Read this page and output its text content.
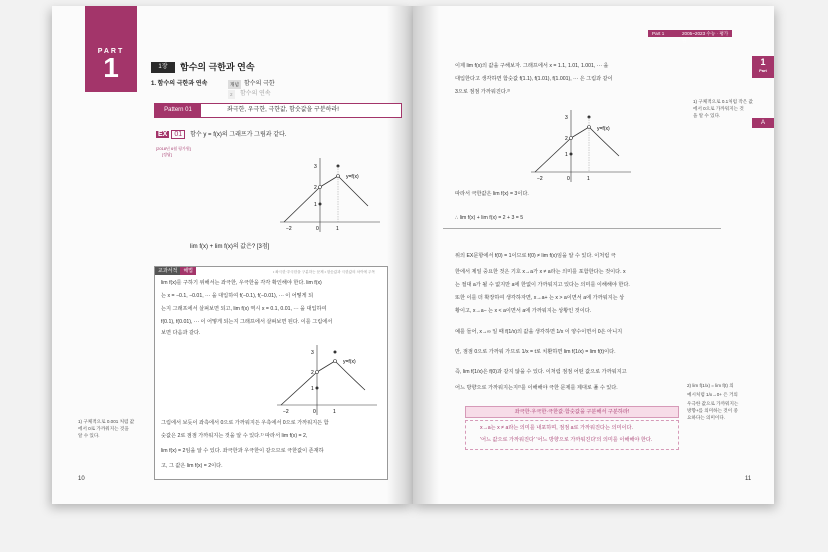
PART
1	1장	함수의 극한과 연속
1. 함수의 극한과 연속	개념 함수의 극한
2	함수의 연속
Pattern 01	좌극한, 우극한, 극한값, 함숫값을 구분하라!
EX 01 함수 y = f(x)의 그래프가 그림과 같다.
[2018년 6월 평가원]
[정답]
y=f(x)
−2	0	1
3
2
1
lim f(x) + lim f(x)의 값은? [3점]
교과서적 해법	• 좌극한·우극한을 구분하는 문제 • 함숫값과 극한값의 차이에 주목
lim f(x)를 구하기 위해서는 좌극한, 우극한을 각각 확인해야 한다. lim f(x)
는 x = −0.1, −0.01, ⋯ 을 대입하여 f(−0.1), f(−0.01), ⋯ 이 어떻게 되
는지 그래프에서 살펴보면 되고, lim f(x) 역시 x = 0.1, 0.01, ⋯ 을 대입하여
f(0.1), f(0.01), ⋯ 이 어떻게 되는지 그래프에서 살펴보면 된다. 이를 그림에서
보면 다음과 같다.
y=f(x)
−2	0	1
3
2
1
그림에서 보듯이 좌측에서 0으로 가까워지든 우측에서 0으로 가까워지든 함
숫값은 2로 점점 가까워지는 것을 알 수 있다.¹⁾ 따라서 lim f(x) = 2,
lim f(x) = 2임을 알 수 있다. 좌극한과 우극한이 같으므로 극한값이 존재하
고, 그 값은 lim f(x) = 2이다.
1) 구체적으로 0.001 처럼 값
에서 0로 가까워지는 것을
알 수 있다.
10
Part 1	2005~2023 수능 · 평가원
1
Part
A
이제 lim f(x)의 값을 구해보자. 그래프에서 x = 1.1, 1.01, 1.001, ⋯ 을
대입한다고 생각하면 함숫값 f(1.1), f(1.01), f(1.001), ⋯ 은 그림과 같이
3으로 점점 가까워진다.²⁾
1) 구체적으로 0.1처럼 작은 값
에서 0으로 가까워지는 것
을 알 수 있다.
y=f(x)
−2	0	1
3
2
1
따라서 극한값은 lim f(x) = 3이다.
∴ lim f(x) + lim f(x) = 2 + 3 = 5
위의 EX문항에서 f(0) = 1이므로 f(0) ≠ lim f(x)임을 알 수 있다. 이처럼 극
한에서 제일 중요한 것은 기호 x→a가 x ≠ a라는 의미를 포함한다는 것이다. x
는 절대 a가 될 수 없지만 a에 한없이 가까워지고 있다는 의미를 이해해야 한다.
또한 이를 더 확장하여 생각하자면, x→a+ 는 x > a이면서 a에 가까워지는 상
황이고, x→a− 는 x < a이면서 a에 가까워지는 상황인 것이다.
예를 들어, x→∞ 일 때 f(1/x)의 값을 생각하면 1/x 이 양수이면서 0은 아니지
만, 점점 0으로 가까워 가므로 1/x = t로 치환하면 lim f(1/x) = lim f(t)이다.
즉, lim f(1/x)은 f(0)과 같지 않을 수 있다. 이처럼 점점 어떤 값으로 가까워지고
어느 방향으로 가까워지는지²⁾를 이해해야 극한 문제를 제대로 풀 수 있다.	2) lim f(1/x) = lim f(t) 의
예시처럼 1/x→0+ 은 거의
우극한 값으로 가까워지는
방향+를 의미하는 것이 중
요하다는 의미이다.
좌극한·우극한·극한값·함숫값을 구분해서 구분하라!
x→a는 x ≠ a라는 의미를 내포하며, 점점 a로 가까워진다는 의미이다.
'어느 값으로 가까워진다' '어느 방향으로 가까워진다'의 의미를 이해해야 한다.
11
